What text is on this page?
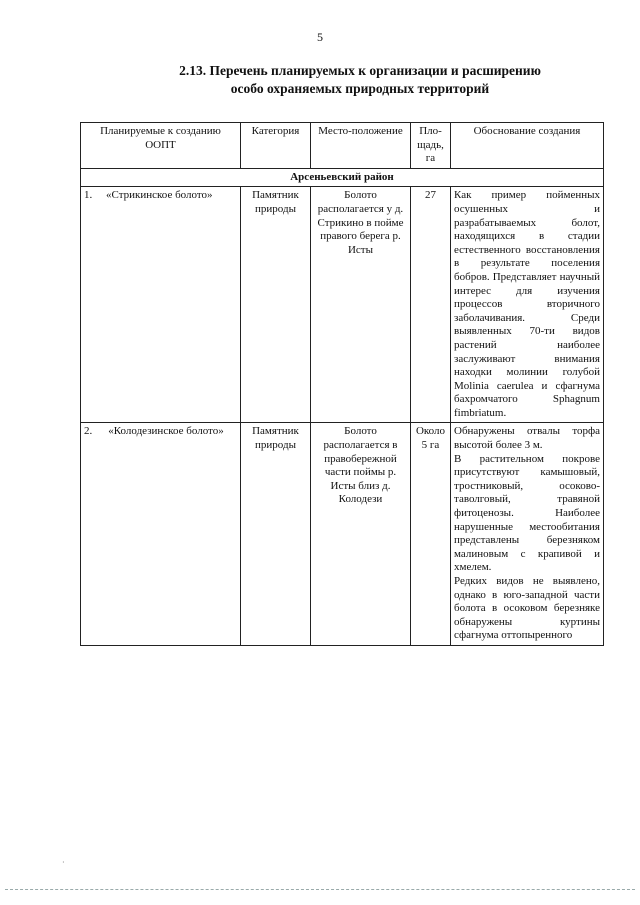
5
2.13. Перечень планируемых к организации и расширению
особо охраняемых природных территорий
Планируемые к созданию ООПТ	Категория	Место-положение	Пло-щадь, га	Обоснование создания
Арсеньевский район				
1. «Стрикинское болото»	Памятник природы	Болото располагается у д. Стрикино в пойме правого берега р. Исты	27	Как пример пойменных осушенных и разрабатываемых болот, находящихся в стадии естественного восстановления в результате поселения бобров. Представляет научный интерес для изучения процессов вторичного заболачивания. Среди выявленных 70-ти видов растений наиболее заслуживают внимания находки молинии голубой Molinia caerulea и сфагнума бахромчатого Sphagnum fimbriatum.
2. «Колодезинское болото»	Памятник природы	Болото располагается в правобережной части поймы р. Исты близ д. Колодези	Около 5 га	Обнаружены отвалы торфа высотой более 3 м.
В растительном покрове присутствуют камышовый, тростниковый, осоково-таволговый, травяной фитоценозы. Наиболее нарушенные местообитания представлены березняком малиновым с крапивой и хмелем.
Редких видов не выявлено, однако в юго-западной части болота в осоковом березняке обнаружены куртины сфагнума оттопыренного
·
